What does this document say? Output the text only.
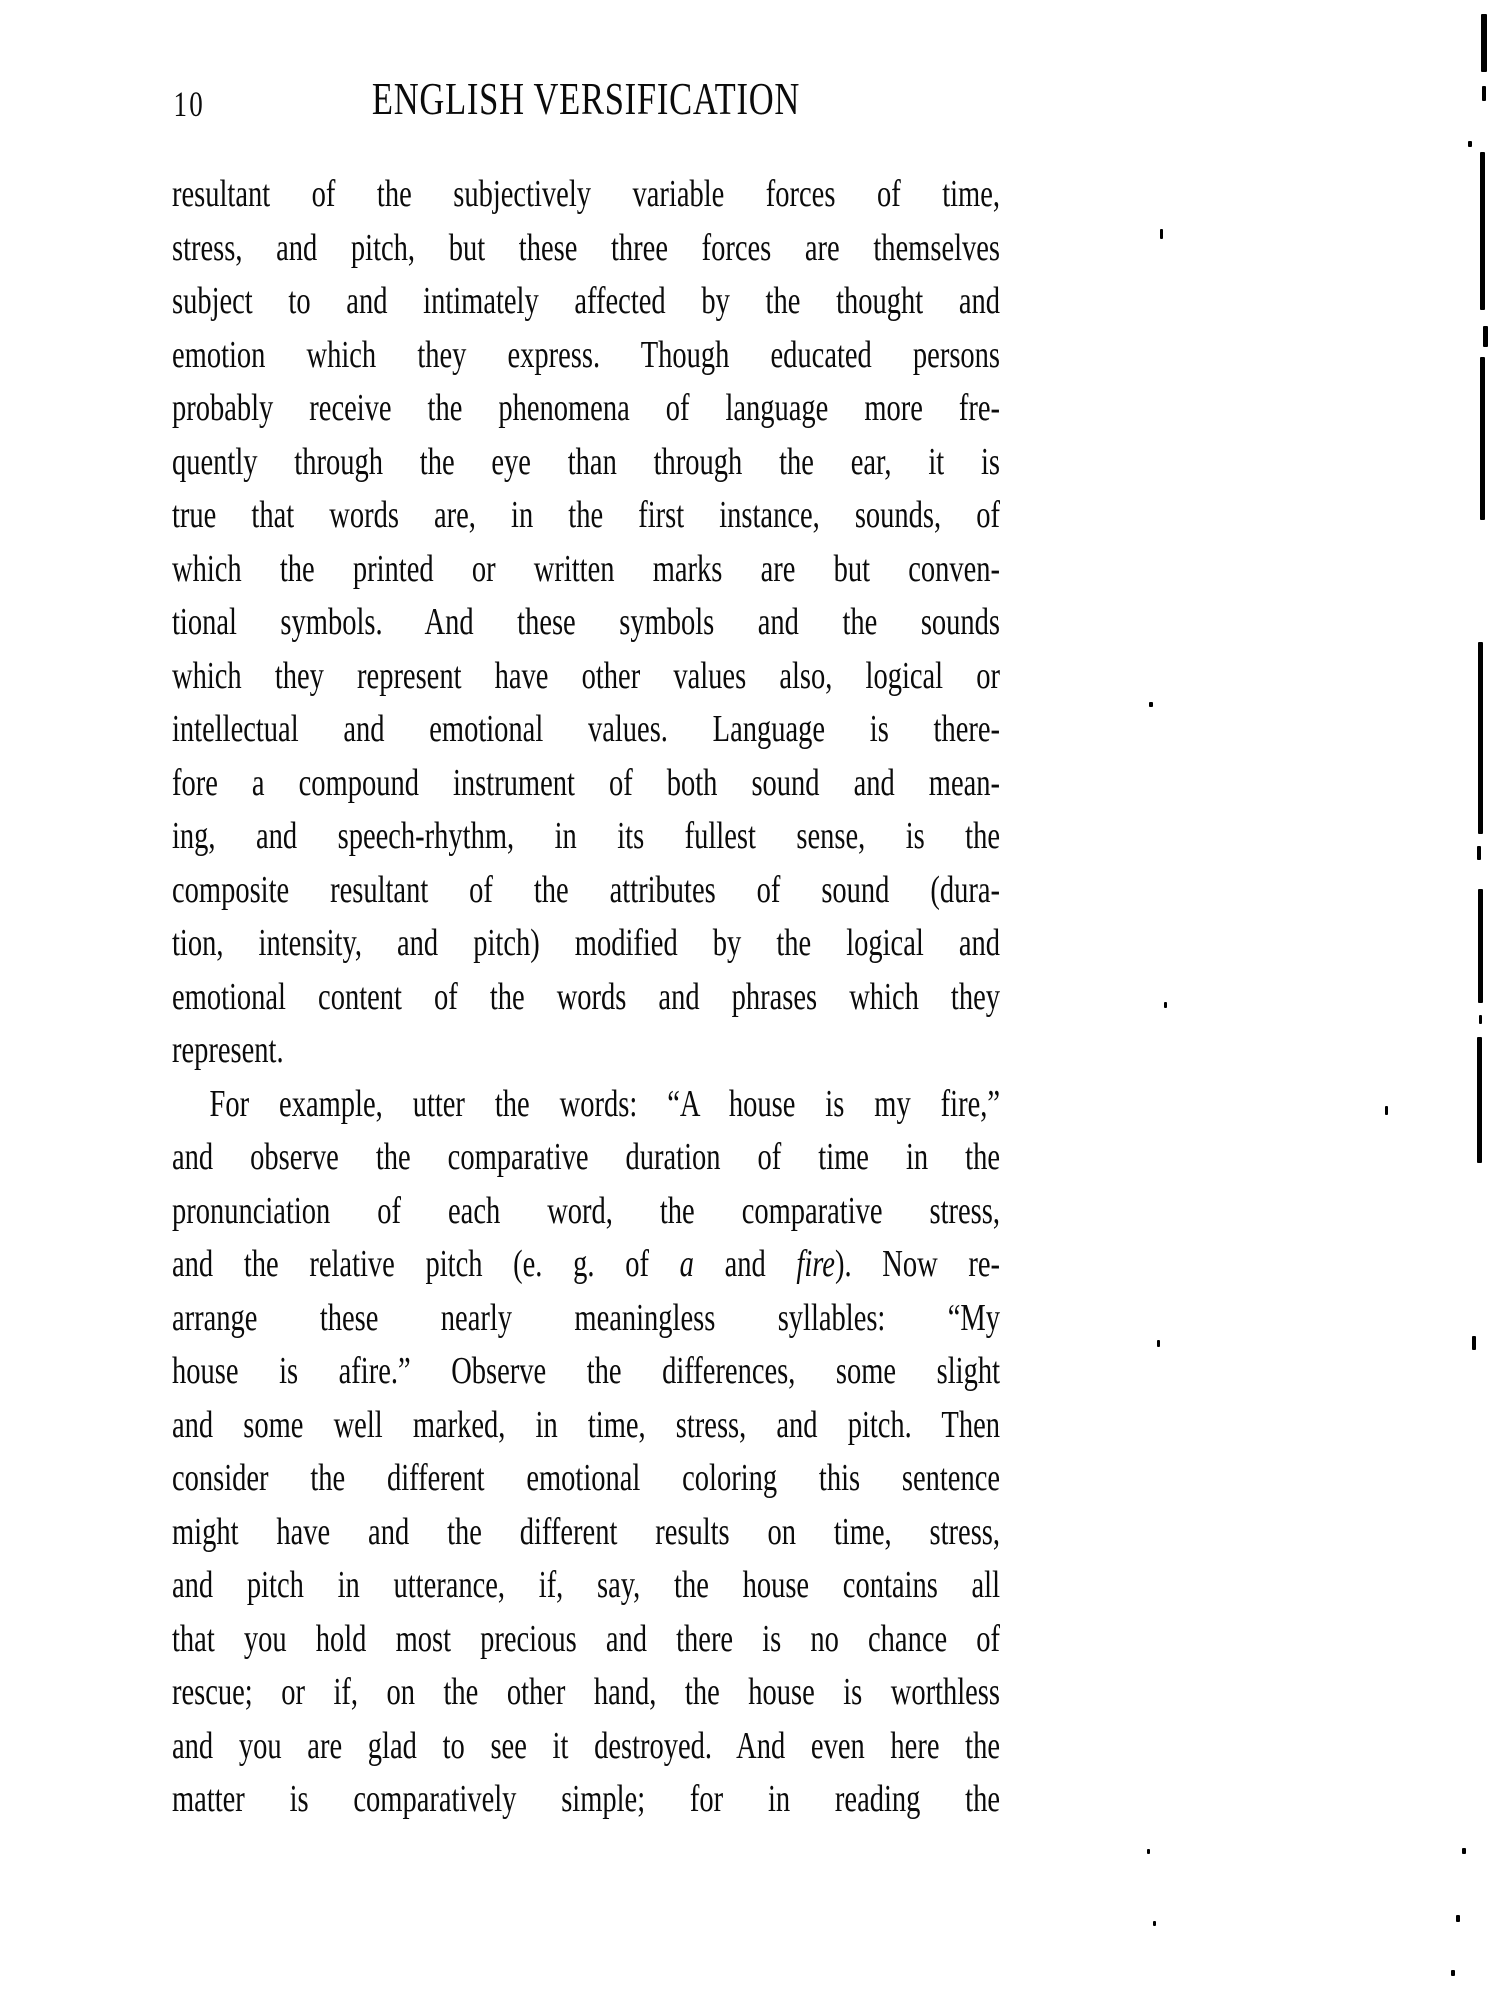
10	ENGLISH VERSIFICATION
resultant of the subjectively variable forces of time,
stress, and pitch, but these three forces are themselves
subject to and intimately affected by the thought and
emotion which they express. Though educated persons
probably receive the phenomena of language more fre-
quently through the eye than through the ear, it is
true that words are, in the first instance, sounds, of
which the printed or written marks are but conven-
tional symbols. And these symbols and the sounds
which they represent have other values also, logical or
intellectual and emotional values. Language is there-
fore a compound instrument of both sound and mean-
ing, and speech-rhythm, in its fullest sense, is the
composite resultant of the attributes of sound (dura-
tion, intensity, and pitch) modified by the logical and
emotional content of the words and phrases which they
represent.
For example, utter the words: “A house is my fire,”
and observe the comparative duration of time in the
pronunciation of each word, the comparative stress,
and the relative pitch (e. g. of a and fire). Now re-
arrange these nearly meaningless syllables: “My
house is afire.” Observe the differences, some slight
and some well marked, in time, stress, and pitch. Then
consider the different emotional coloring this sentence
might have and the different results on time, stress,
and pitch in utterance, if, say, the house contains all
that you hold most precious and there is no chance of
rescue; or if, on the other hand, the house is worthless
and you are glad to see it destroyed. And even here the
matter is comparatively simple; for in reading the
